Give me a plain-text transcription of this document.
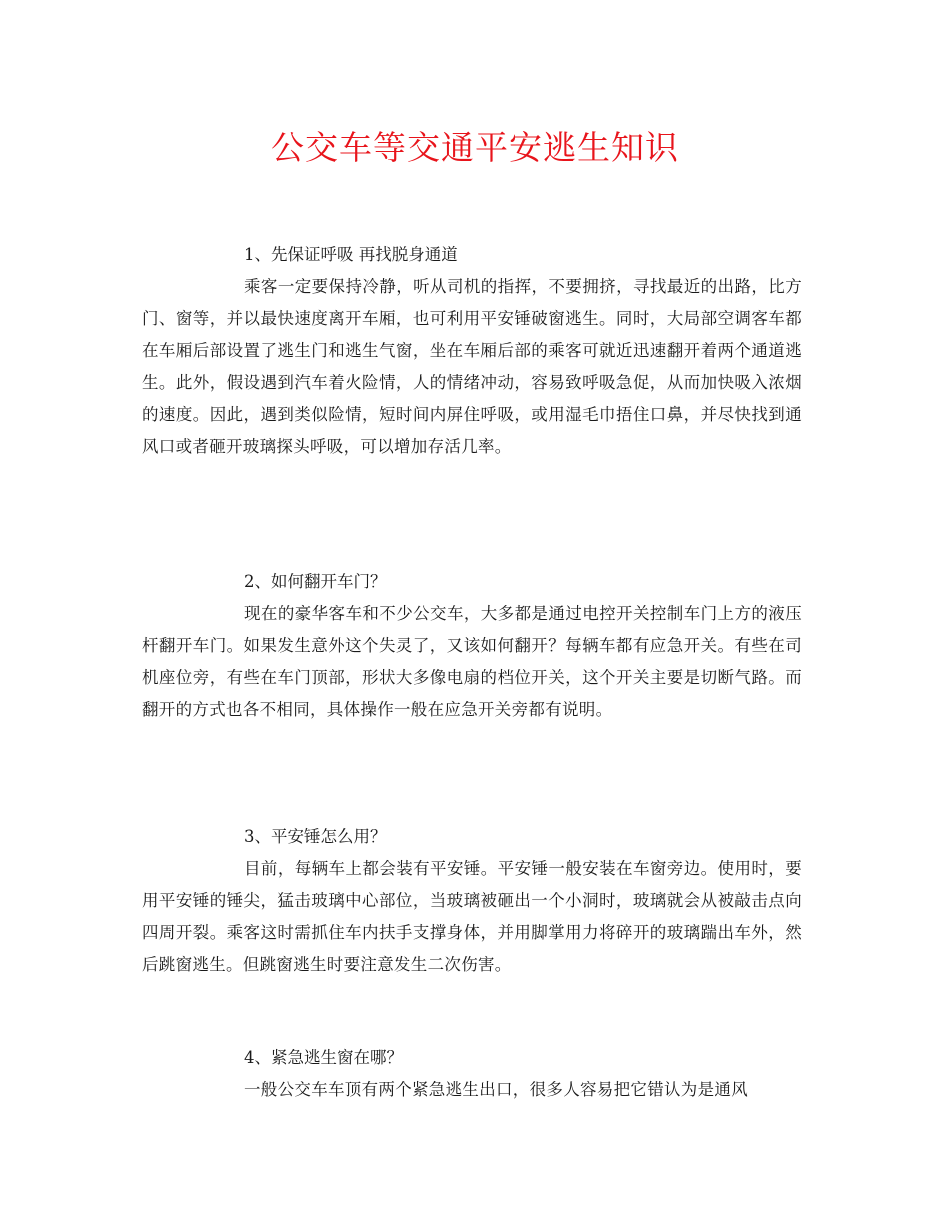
公交车等交通平安逃生知识

1、先保证呼吸 再找脱身通道

乘客一定要保持冷静，听从司机的指挥，不要拥挤，寻找最近的出路，比方门、窗等，并以最快速度离开车厢，也可利用平安锤破窗逃生。同时，大局部空调客车都在车厢后部设置了逃生门和逃生气窗，坐在车厢后部的乘客可就近迅速翻开着两个通道逃生。此外，假设遇到汽车着火险情，人的情绪冲动，容易致呼吸急促，从而加快吸入浓烟的速度。因此，遇到类似险情，短时间内屏住呼吸，或用湿毛巾捂住口鼻，并尽快找到通风口或者砸开玻璃探头呼吸，可以增加存活几率。

2、如何翻开车门？

现在的豪华客车和不少公交车，大多都是通过电控开关控制车门上方的液压杆翻开车门。如果发生意外这个失灵了，又该如何翻开？每辆车都有应急开关。有些在司机座位旁，有些在车门顶部，形状大多像电扇的档位开关，这个开关主要是切断气路。而翻开的方式也各不相同，具体操作一般在应急开关旁都有说明。

3、平安锤怎么用？

目前，每辆车上都会装有平安锤。平安锤一般安装在车窗旁边。使用时，要用平安锤的锤尖，猛击玻璃中心部位，当玻璃被砸出一个小洞时，玻璃就会从被敲击点向四周开裂。乘客这时需抓住车内扶手支撑身体，并用脚掌用力将碎开的玻璃踹出车外，然后跳窗逃生。但跳窗逃生时要注意发生二次伤害。

4、紧急逃生窗在哪？

一般公交车车顶有两个紧急逃生出口，很多人容易把它错认为是通风
